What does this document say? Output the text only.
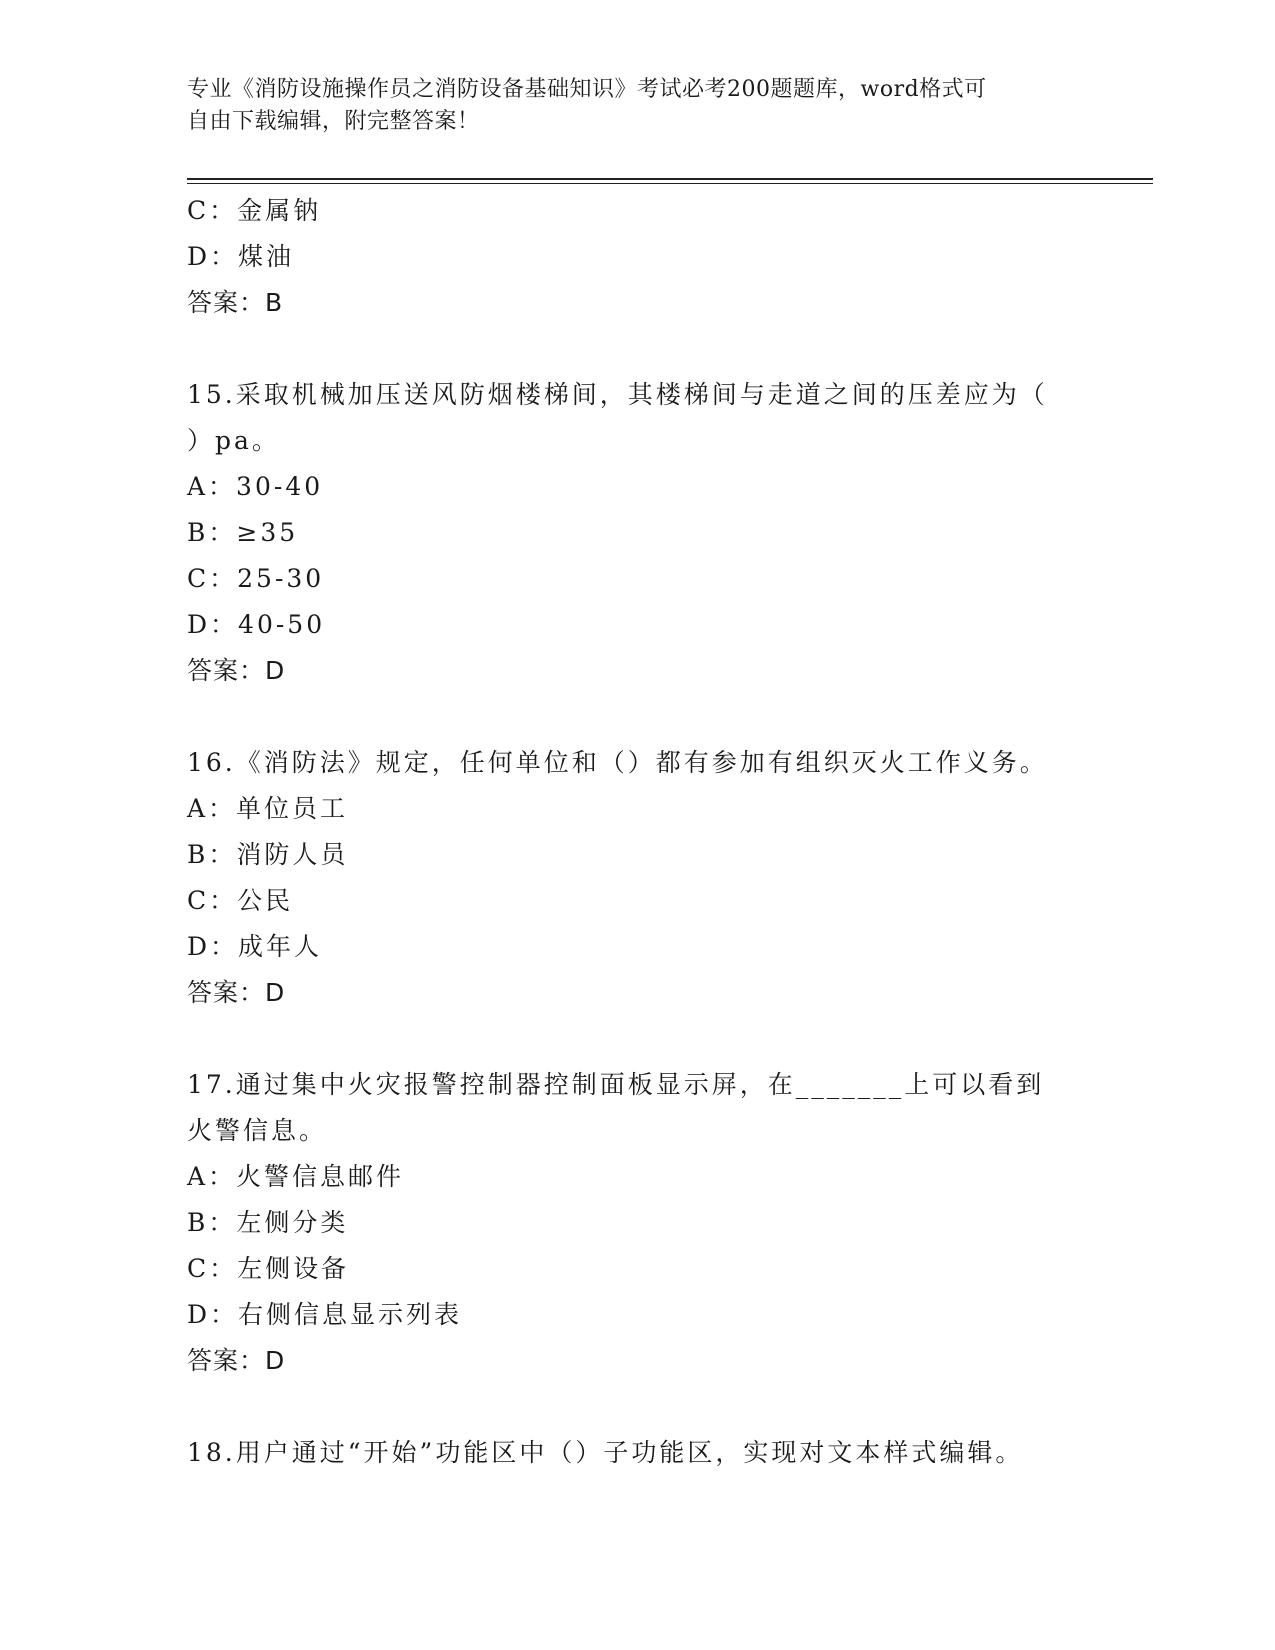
专业《消防设施操作员之消防设备基础知识》考试必考200题题库，word格式可
自由下载编辑，附完整答案！
C：金属钠
D：煤油
答案：B
15.采取机械加压送风防烟楼梯间，其楼梯间与走道之间的压差应为（
）pa。
A：30-40
B：≥35
C：25-30
D：40-50
答案：D
16.《消防法》规定，任何单位和（）都有参加有组织灭火工作义务。
A：单位员工
B：消防人员
C：公民
D：成年人
答案：D
17.通过集中火灾报警控制器控制面板显示屏，在_______上可以看到
火警信息。
A：火警信息邮件
B：左侧分类
C：左侧设备
D：右侧信息显示列表
答案：D
18.用户通过“开始”功能区中（）子功能区，实现对文本样式编辑。
